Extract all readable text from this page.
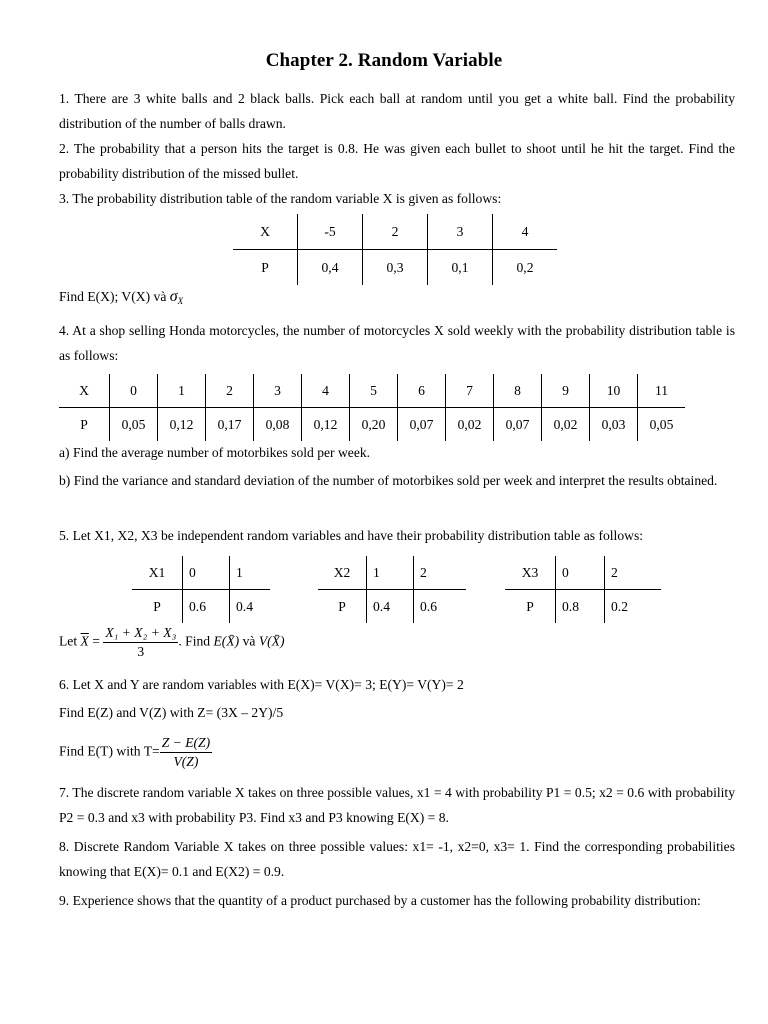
Chapter 2. Random Variable
1. There are 3 white balls and 2 black balls. Pick each ball at random until you get a white ball. Find the probability distribution of the number of balls drawn.
2. The probability that a person hits the target is 0.8. He was given each bullet to shoot until he hit the target. Find the probability distribution of the missed bullet.
3. The probability distribution table of the random variable X is given as follows:
X	-5	2	3	4
P	0,4	0,3	0,1	0,2
Find E(X); V(X) và $\sigma_X$
4. At a shop selling Honda motorcycles, the number of motorcycles X sold weekly with the probability distribution table is as follows:
X	0	1	2	3	4	5	6	7	8	9	10	11
P	0,05	0,12	0,17	0,08	0,12	0,20	0,07	0,02	0,07	0,02	0,03	0,05
a) Find the average number of motorbikes sold per week.
b) Find the variance and standard deviation of the number of motorbikes sold per week and interpret the results obtained.
5. Let X1, X2, X3 be independent random variables and have their probability distribution table as follows:
X1	0	1
P	0.6	0.4
X2	1	2
P	0.4	0.6
X3	0	2
P	0.8	0.2
Let $\overline{X} = \frac{\text{X₁ + X₂ + X₃}}{3}$ . Find E(X̄) và V(X̄)
6. Let X and Y are random variables with E(X)= V(X)= 3; E(Y)= V(Y)= 2
Find E(Z) and V(Z) with Z= (3X – 2Y)/5
Find E(T) with $T= \frac{Z - E(Z)}{V(Z)}$
7. The discrete random variable X takes on three possible values, x1 = 4 with probability P1 = 0.5; x2 = 0.6 with probability P2 = 0.3 and x3 with probability P3. Find x3 and P3 knowing E(X) = 8.
8. Discrete Random Variable X takes on three possible values: x1= -1, x2=0, x3= 1. Find the corresponding probabilities knowing that E(X)= 0.1 and E(X2) = 0.9.
9. Experience shows that the quantity of a product purchased by a customer has the following probability distribution:
